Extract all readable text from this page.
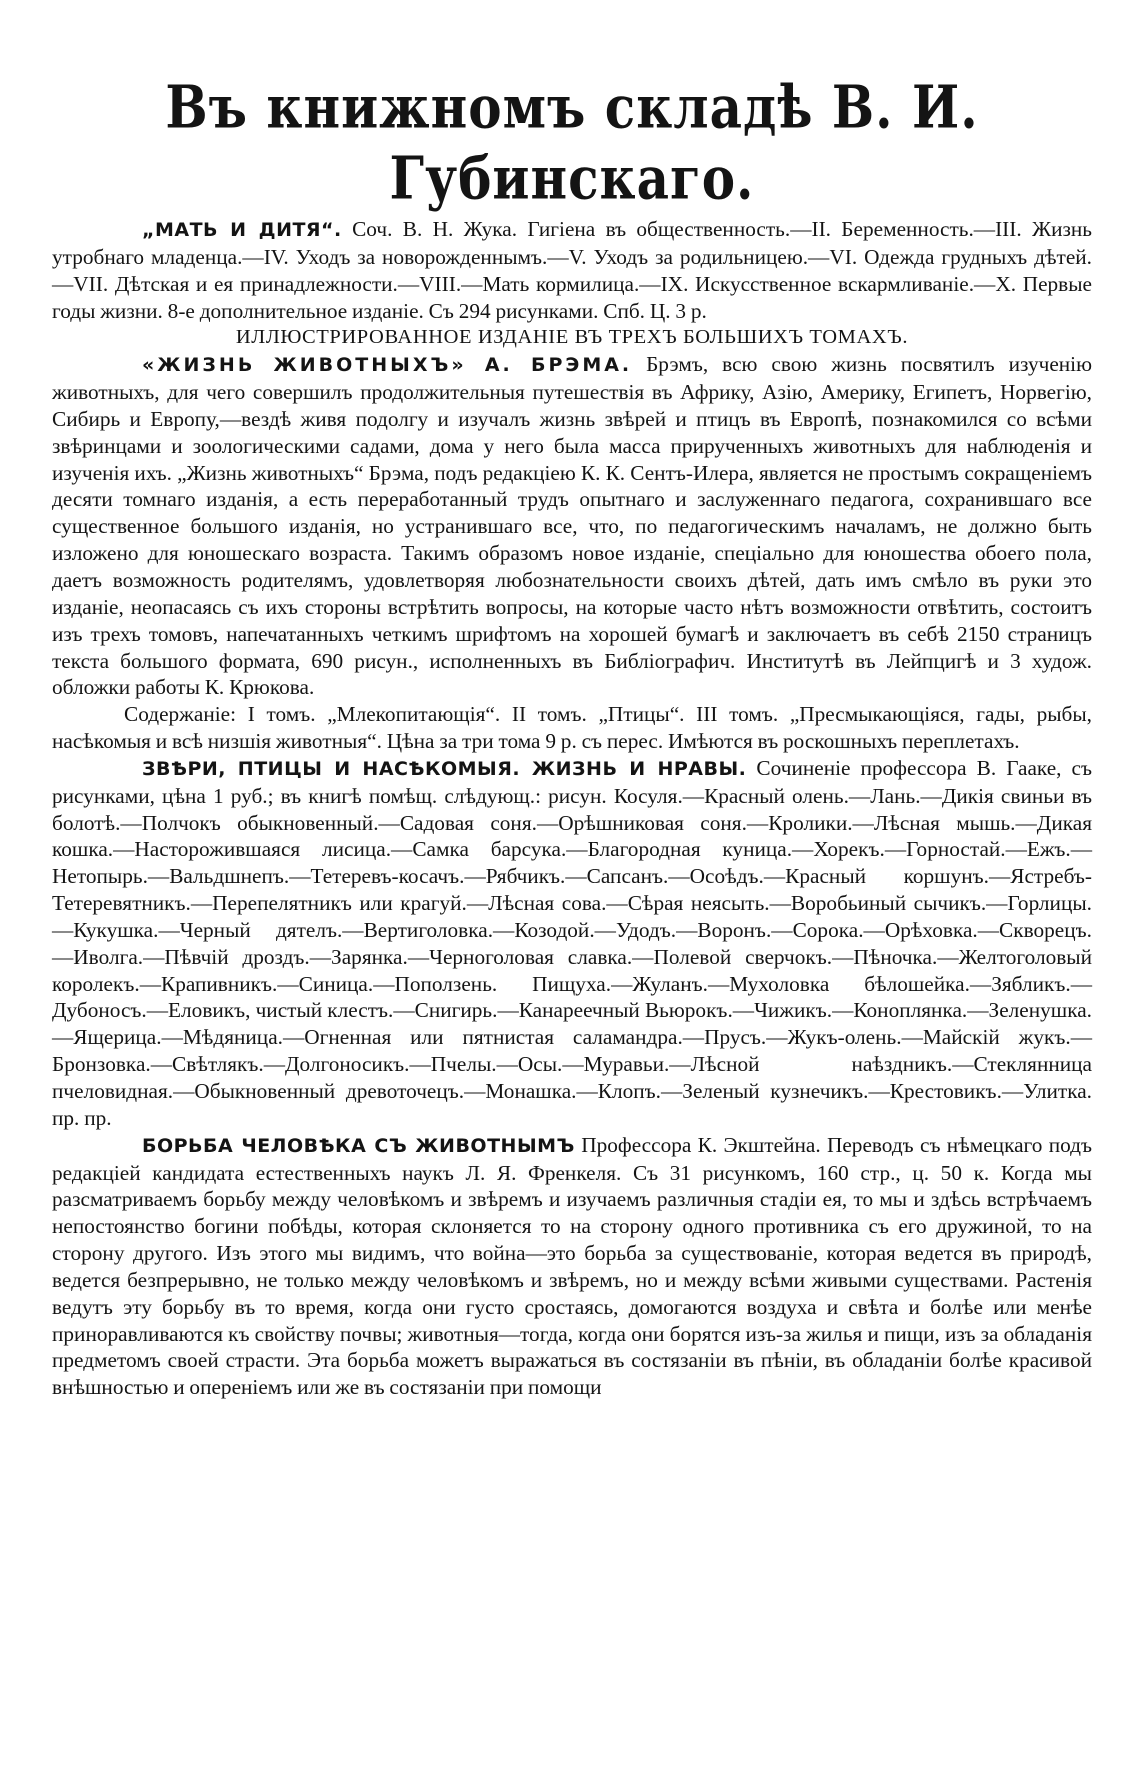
Въ книжномъ складѣ В. И. Губинскаго.

„МАТЬ И ДИТЯ“. Соч. В. Н. Жука. Гигіена въ общественность.—II. Беременность.—III. Жизнь утробнаго младенца.—IV. Уходъ за новорожденнымъ.—V. Уходъ за родильницею.—VI. Одежда грудныхъ дѣтей.—VII. Дѣтская и ея принадлежности.—VIII.—Мать кормилица.—IX. Искусственное вскармливаніе.—X. Первые годы жизни. 8-е дополнительное изданіе. Съ 294 рисунками. Спб. Ц. 3 р.

ИЛЛЮСТРИРОВАННОЕ ИЗДАНІЕ ВЪ ТРЕХЪ БОЛЬШИХЪ ТОМАХЪ.

«ЖИЗНЬ ЖИВОТНЫХЪ» А. БРЭМА. Брэмъ, всю свою жизнь посвятилъ изученію животныхъ, для чего совершилъ продолжительныя путешествія въ Африку, Азію, Америку, Египетъ, Норвегію, Сибирь и Европу,—вездѣ живя подолгу и изучалъ жизнь звѣрей и птицъ въ Европѣ, познакомился со всѣми звѣринцами и зоологическими садами, дома у него была масса прирученныхъ животныхъ для наблюденія и изученія ихъ. „Жизнь животныхъ“ Брэма, подъ редакціею К. К. Сентъ-Илера, является не простымъ сокращеніемъ десяти томнаго изданія, а есть переработанный трудъ опытнаго и заслуженнаго педагога, сохранившаго все существенное большого изданія, но устранившаго все, что, по педагогическимъ началамъ, не должно быть изложено для юношескаго возраста. Такимъ образомъ новое изданіе, спеціально для юношества обоего пола, даетъ возможность родителямъ, удовлетворяя любознательности своихъ дѣтей, дать имъ смѣло въ руки это изданіе, неопасаясь съ ихъ стороны встрѣтить вопросы, на которые часто нѣтъ возможности отвѣтить, состоитъ изъ трехъ томовъ, напечатанныхъ четкимъ шрифтомъ на хорошей бумагѣ и заключаетъ въ себѣ 2150 страницъ текста большого формата, 690 рисун., исполненныхъ въ Библіографич. Институтѣ въ Лейпцигѣ и 3 худож. обложки работы К. Крюкова.

Содержаніе: I томъ. „Млекопитающія“. II томъ. „Птицы“. III томъ. „Пресмыкающіяся, гады, рыбы, насѣкомыя и всѣ низшія животныя“. Цѣна за три тома 9 р. съ перес. Имѣются въ роскошныхъ переплетахъ.

ЗВѢРИ, ПТИЦЫ И НАСѢКОМЫЯ. ЖИЗНЬ И НРАВЫ. Сочиненіе профессора В. Гааке, съ рисунками, цѣна 1 руб.; въ книгѣ помѣщ. слѣдующ.: рисун. Косуля.—Красный олень.—Лань.—Дикія свиньи въ болотѣ.—Полчокъ обыкновенный.—Садовая соня.—Орѣшниковая соня.—Кролики.—Лѣсная мышь.—Дикая кошка.—Насторожившаяся лисица.—Самка барсука.—Благородная куница.—Хорекъ.—Горностай.—Ежъ.—Нетопырь.—Вальдшнепъ.—Тетеревъ-косачъ.—Рябчикъ.—Сапсанъ.—Осоѣдъ.—Красный коршунъ.—Ястребъ-Тетеревятникъ.—Перепелятникъ или крагуй.—Лѣсная сова.—Сѣрая неясыть.—Воробьиный сычикъ.—Горлицы.—Кукушка.—Черный дятелъ.—Вертиголовка.—Козодой.—Удодъ.—Воронъ.—Сорока.—Орѣховка.—Скворецъ.—Иволга.—Пѣвчій дроздъ.—Зарянка.—Черноголовая славка.—Полевой сверчокъ.—Пѣночка.—Желтоголовый королекъ.—Крапивникъ.—Синица.—Поползень. Пищуха.—Жуланъ.—Мухоловка бѣлошейка.—Зябликъ.—Дубоносъ.—Еловикъ, чистый клестъ.—Снигирь.—Канареечный Вьюрокъ.—Чижикъ.—Коноплянка.—Зеленушка.—Ящерица.—Мѣдяница.—Огненная или пятнистая саламандра.—Прусъ.—Жукъ-олень.—Майскій жукъ.—Бронзовка.—Свѣтлякъ.—Долгоносикъ.—Пчелы.—Осы.—Муравьи.—Лѣсной наѣздникъ.—Стеклянница пчеловидная.—Обыкновенный древоточецъ.—Монашка.—Клопъ.—Зеленый кузнечикъ.—Крестовикъ.—Улитка. пр. пр.

БОРЬБА ЧЕЛОВѢКА СЪ ЖИВОТНЫМЪ Профессора К. Экштейна. Переводъ съ нѣмецкаго подъ редакціей кандидата естественныхъ наукъ Л. Я. Френкеля. Съ 31 рисункомъ, 160 стр., ц. 50 к. Когда мы разсматриваемъ борьбу между человѣкомъ и звѣремъ и изучаемъ различныя стадіи ея, то мы и здѣсь встрѣчаемъ непостоянство богини побѣды, которая склоняется то на сторону одного противника съ его дружиной, то на сторону другого. Изъ этого мы видимъ, что война—это борьба за существованіе, которая ведется въ природѣ, ведется безпрерывно, не только между человѣкомъ и звѣремъ, но и между всѣми живыми существами. Растенія ведутъ эту борьбу въ то время, когда они густо сростаясь, домогаются воздуха и свѣта и болѣе или менѣе приноравливаются къ свойству почвы; животныя—тогда, когда они борятся изъ-за жилья и пищи, изъ за обладанія предметомъ своей страсти. Эта борьба можетъ выражаться въ состязаніи въ пѣніи, въ обладаніи болѣе красивой внѣшностью и опереніемъ или же въ состязаніи при помощи
